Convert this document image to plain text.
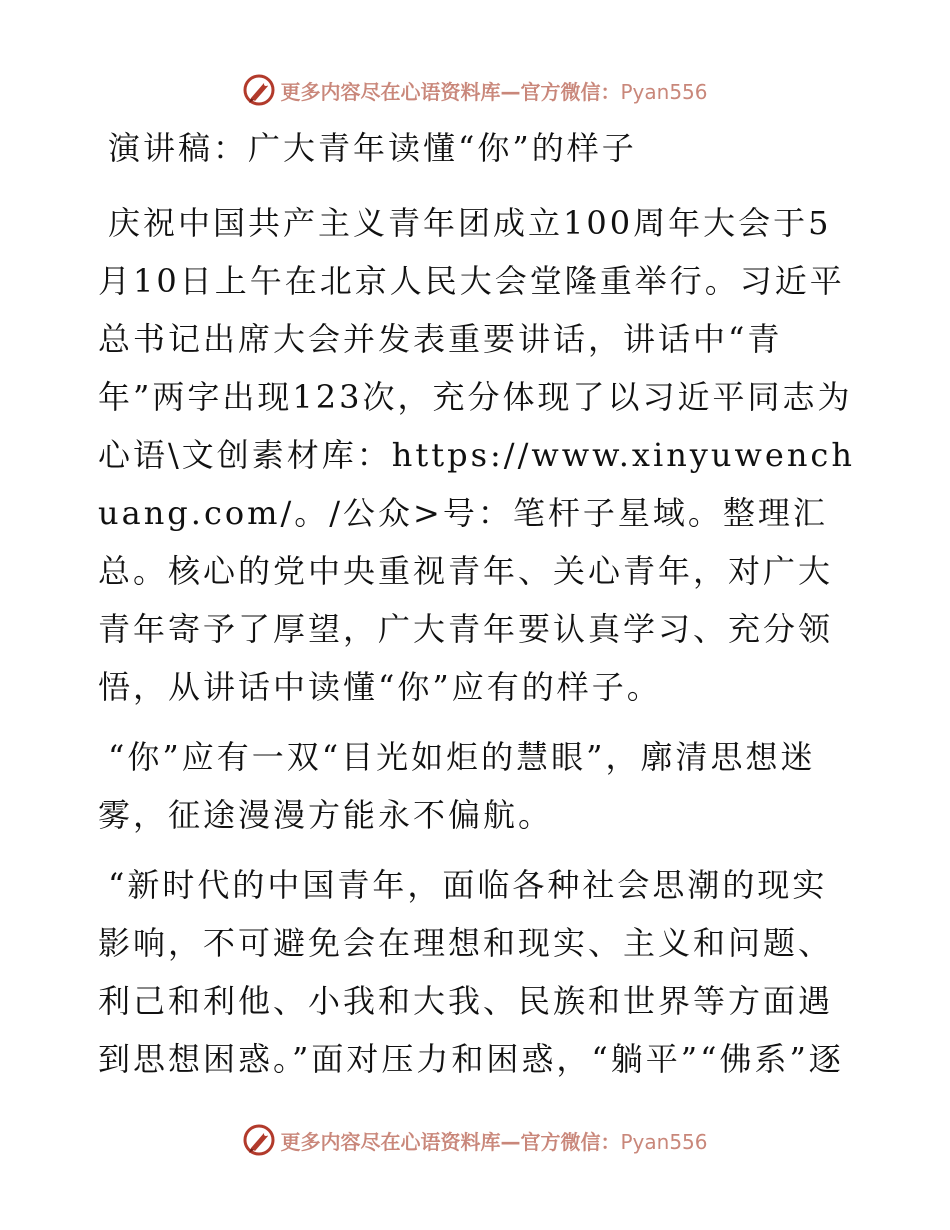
更多内容尽在心语资料库—官方微信：Pyan556
演讲稿：广大青年读懂“你”的样子

庆祝中国共产主义青年团成立100周年大会于5月10日上午在北京人民大会堂隆重举行。习近平总书记出席大会并发表重要讲话，讲话中“青年”两字出现123次，充分体现了以习近平同志为心语\文创素材库：https://www.xinyuwenchuang.com/。/公众>号：笔杆子星域。整理汇总。核心的党中央重视青年、关心青年，对广大青年寄予了厚望，广大青年要认真学习、充分领悟，从讲话中读懂“你”应有的样子。

“你”应有一双“目光如炬的慧眼”，廓清思想迷雾，征途漫漫方能永不偏航。

“新时代的中国青年，面临各种社会思潮的现实影响，不可避免会在理想和现实、主义和问题、利己和利他、小我和大我、民族和世界等方面遇到思想困惑。”面对压力和困惑，“躺平”“佛系”逐

更多内容尽在心语资料库—官方微信：Pyan556
